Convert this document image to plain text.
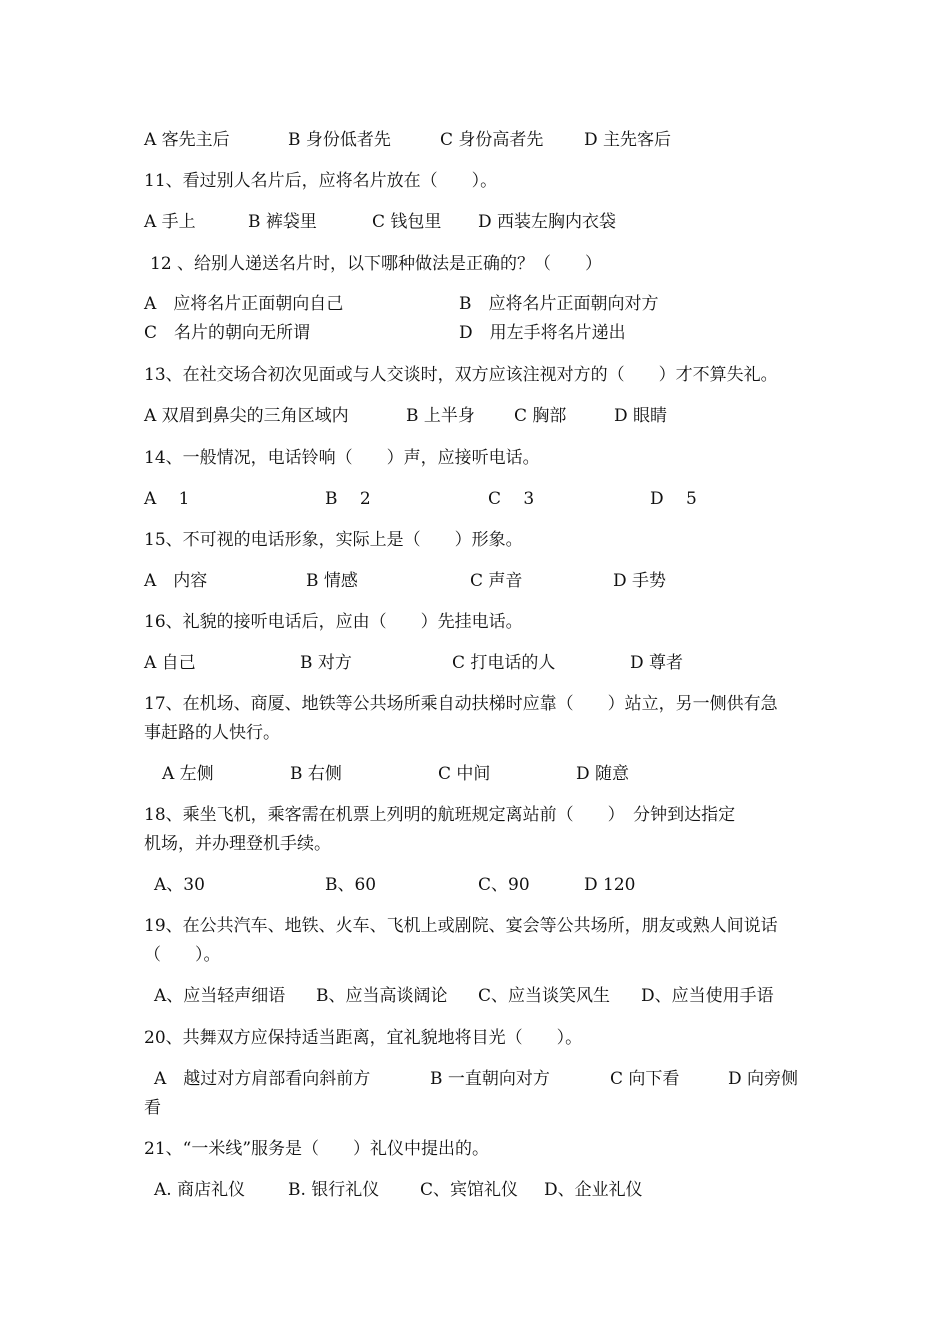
A 客先主后	B 身份低者先	C 身份高者先 D 主先客后
11、看过别人名片后，应将名片放在（　　）。
A 手上	B 裤袋里	C 钱包里 D 西装左胸内衣袋
12 、给别人递送名片时，以下哪种做法是正确的？（　　）
A　应将名片正面朝向自己	B　应将名片正面朝向对方
C　名片的朝向无所谓	D　用左手将名片递出
13、在社交场合初次见面或与人交谈时，双方应该注视对方的（　　）才不算失礼。
A 双眉到鼻尖的三角区域内	B 上半身 C 胸部	D 眼睛
14、一般情况，电话铃响（　　）声，应接听电话。
A　 1	B　 2	C　 3	D　 5
15、不可视的电话形象，实际上是（　　）形象。
A　内容	B 情感	C 声音	D 手势
16、礼貌的接听电话后，应由（　　）先挂电话。
A 自己	B 对方	C 打电话的人	D 尊者
17、在机场、商厦、地铁等公共场所乘自动扶梯时应靠（　　）站立，另一侧供有急
事赶路的人快行。
A 左侧	B 右侧	C 中间	D 随意
18、乘坐飞机，乘客需在机票上列明的航班规定离站前（　　）　分钟到达指定
机场，并办理登机手续。
A、30	B、60	C、90	D 120
19、在公共汽车、地铁、火车、飞机上或剧院、宴会等公共场所，朋友或熟人间说话
（　　）。
A、应当轻声细语 B、应当高谈阔论 C、应当谈笑风生 D、应当使用手语
20、共舞双方应保持适当距离，宜礼貌地将目光（　　）。
A　越过对方肩部看向斜前方	B 一直朝向对方	C 向下看	D 向旁侧
看
21、“一米线”服务是（　　）礼仪中提出的。
A. 商店礼仪	B. 银行礼仪 C、宾馆礼仪 D、企业礼仪
